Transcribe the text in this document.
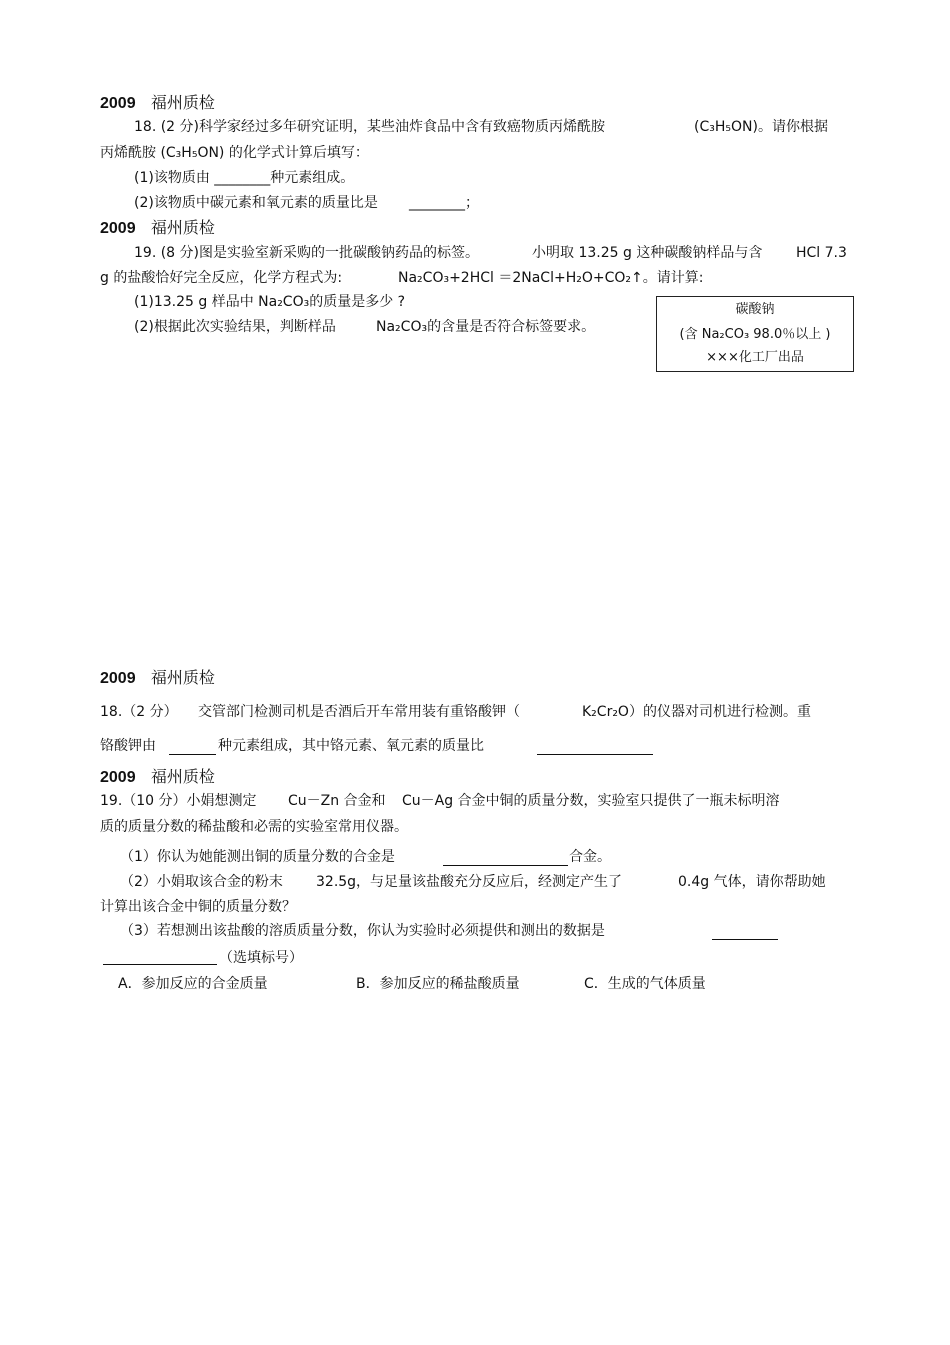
2009 福州质检
18. (2 分)科学家经过多年研究证明，某些油炸食品中含有致癌物质丙烯酰胺	(C₃H₅ON)。请你根据
丙烯酰胺 (C₃H₅ON) 的化学式计算后填写：
(1)该物质由 ________种元素组成。
(2)该物质中碳元素和氧元素的质量比是 ________；
2009 福州质检
19. (8 分)图是实验室新采购的一批碳酸钠药品的标签。	小明取 13.25 g 这种碳酸钠样品与含 HCl 7.3
g 的盐酸恰好完全反应，化学方程式为:	Na₂CO₃+2HCl ＝2NaCl+H₂O+CO₂↑。请计算:
(1)13.25 g 样品中 Na₂CO₃的质量是多少 ?
(2)根据此次实验结果，判断样品	Na₂CO₃的含量是否符合标签要求。
碳酸钠
(含 Na₂CO₃ 98.0％以上 )
×××化工厂出品
2009 福州质检
18.（2 分） 交管部门检测司机是否酒后开车常用装有重铬酸钾（	K₂Cr₂O）的仪器对司机进行检测。重
铬酸钾由	种元素组成，其中铬元素、氧元素的质量比
2009 福州质检
19.（10 分）小娟想测定 Cu－Zn 合金和 Cu－Ag 合金中铜的质量分数，实验室只提供了一瓶未标明溶
质的质量分数的稀盐酸和必需的实验室常用仪器。
（1）你认为她能测出铜的质量分数的合金是	合金。
（2）小娟取该合金的粉末 32.5g，与足量该盐酸充分反应后，经测定产生了	0.4g 气体，请你帮助她
计算出该合金中铜的质量分数？
（3）若想测出该盐酸的溶质质量分数，你认为实验时必须提供和测出的数据是
（选填标号）
A．参加反应的合金质量	B．参加反应的稀盐酸质量	C．生成的气体质量
